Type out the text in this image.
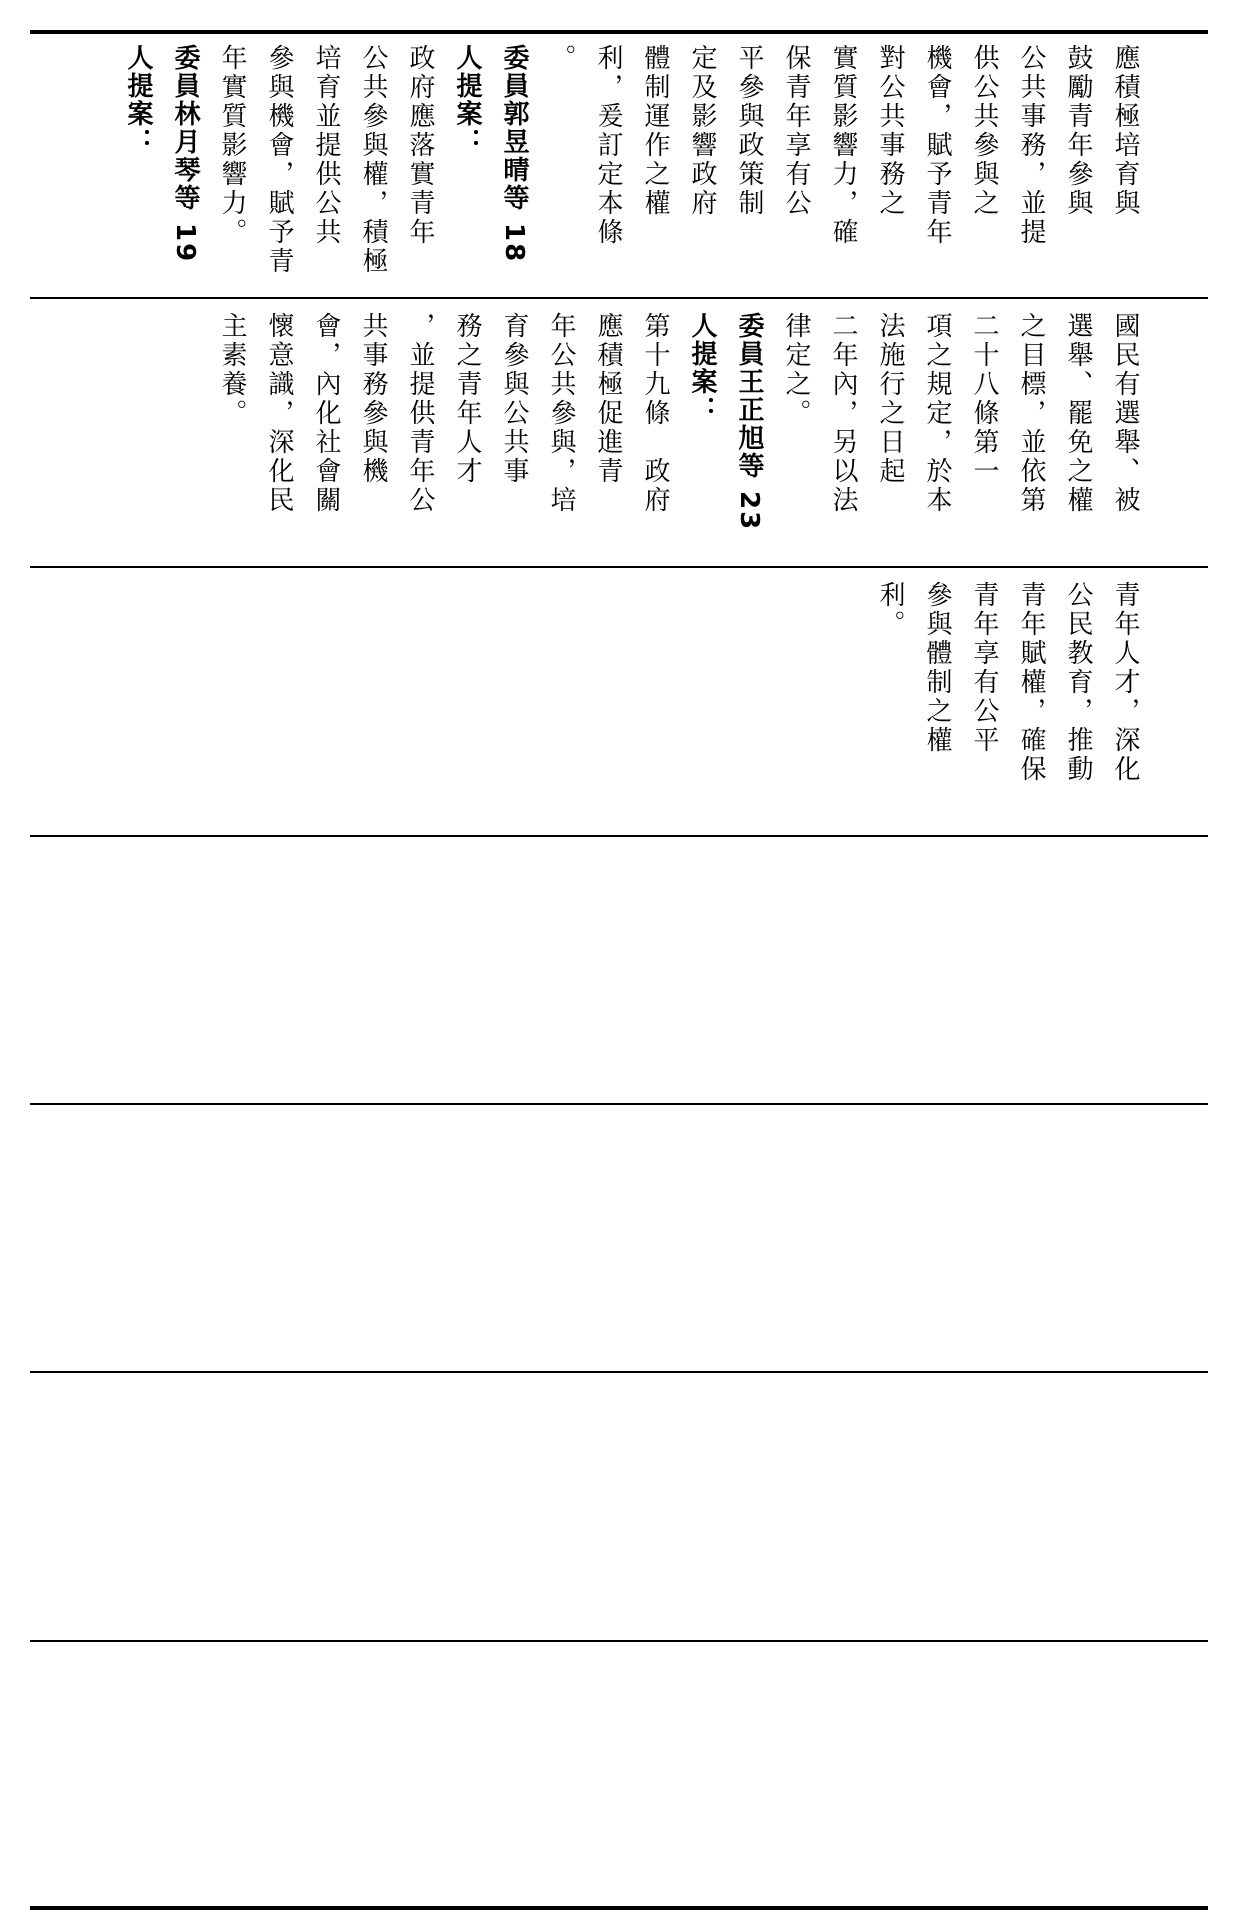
應積極培育與
鼓勵青年參與
公共事務，並提
供公共參與之
機會，賦予青年
對公共事務之
實質影響力，確
保青年享有公
平參與政策制
定及影響政府
體制運作之權
利，爰訂定本條
。
委員郭昱晴等 18
人提案：
政府應落實青年
公共參與權，積極
培育並提供公共
參與機會，賦予青
年實質影響力。
委員林月琴等 19
人提案：
國民有選舉、被
選舉、罷免之權
之目標，並依第
二十八條第一
項之規定，於本
法施行之日起
二年內，另以法
律定之。
委員王正旭等 23
人提案：
第十九條　政府
應積極促進青
年公共參與，培
育參與公共事
務之青年人才
，並提供青年公
共事務參與機
會，內化社會關
懷意識，深化民
主素養。
青年人才，深化
公民教育，推動
青年賦權，確保
青年享有公平
參與體制之權
利。
